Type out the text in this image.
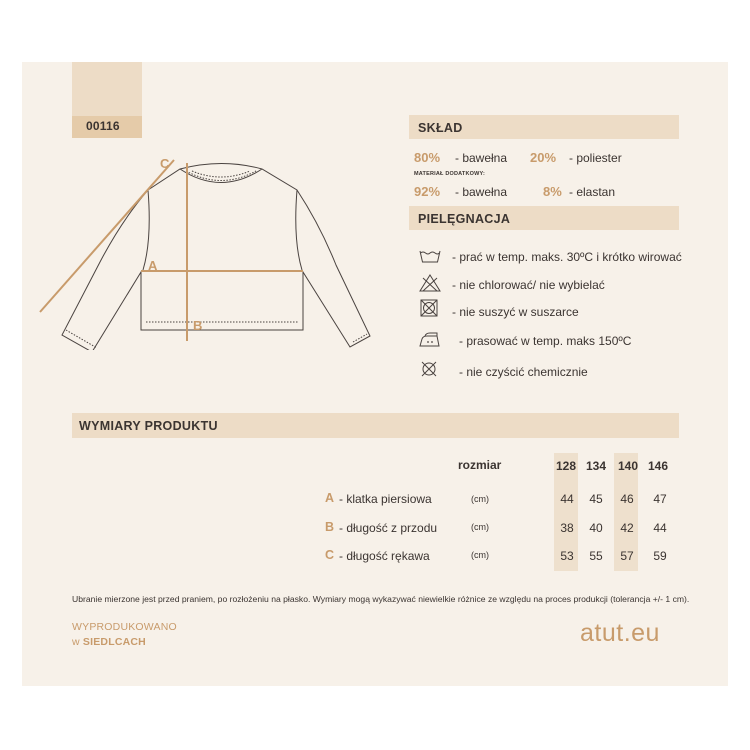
00116
A
B
C
SKŁAD
80% - bawełna 20% - poliester
MATERIAŁ DODATKOWY:
92% - bawełna	8% - elastan
PIELĘGNACJA
- prać w temp. maks. 30ºC i krótko wirować
- nie chlorować/ nie wybielać
- nie suszyć w suszarce
- prasować w temp. maks 150ºC
- nie czyścić chemicznie
WYMIARY PRODUKTU
rozmiar	128 134 140 146
A - klatka piersiowa	(cm)	44	45	46	47
B - długość z przodu	(cm)	38	40	42	44
C - długość rękawa	(cm)	53	55	57	59
Ubranie mierzone jest przed praniem, po rozłożeniu na płasko. Wymiary mogą wykazywać niewielkie różnice ze względu na proces produkcji (tolerancja +/- 1 cm).
WYPRODUKOWANO
w SIEDLCACH	atut.eu
